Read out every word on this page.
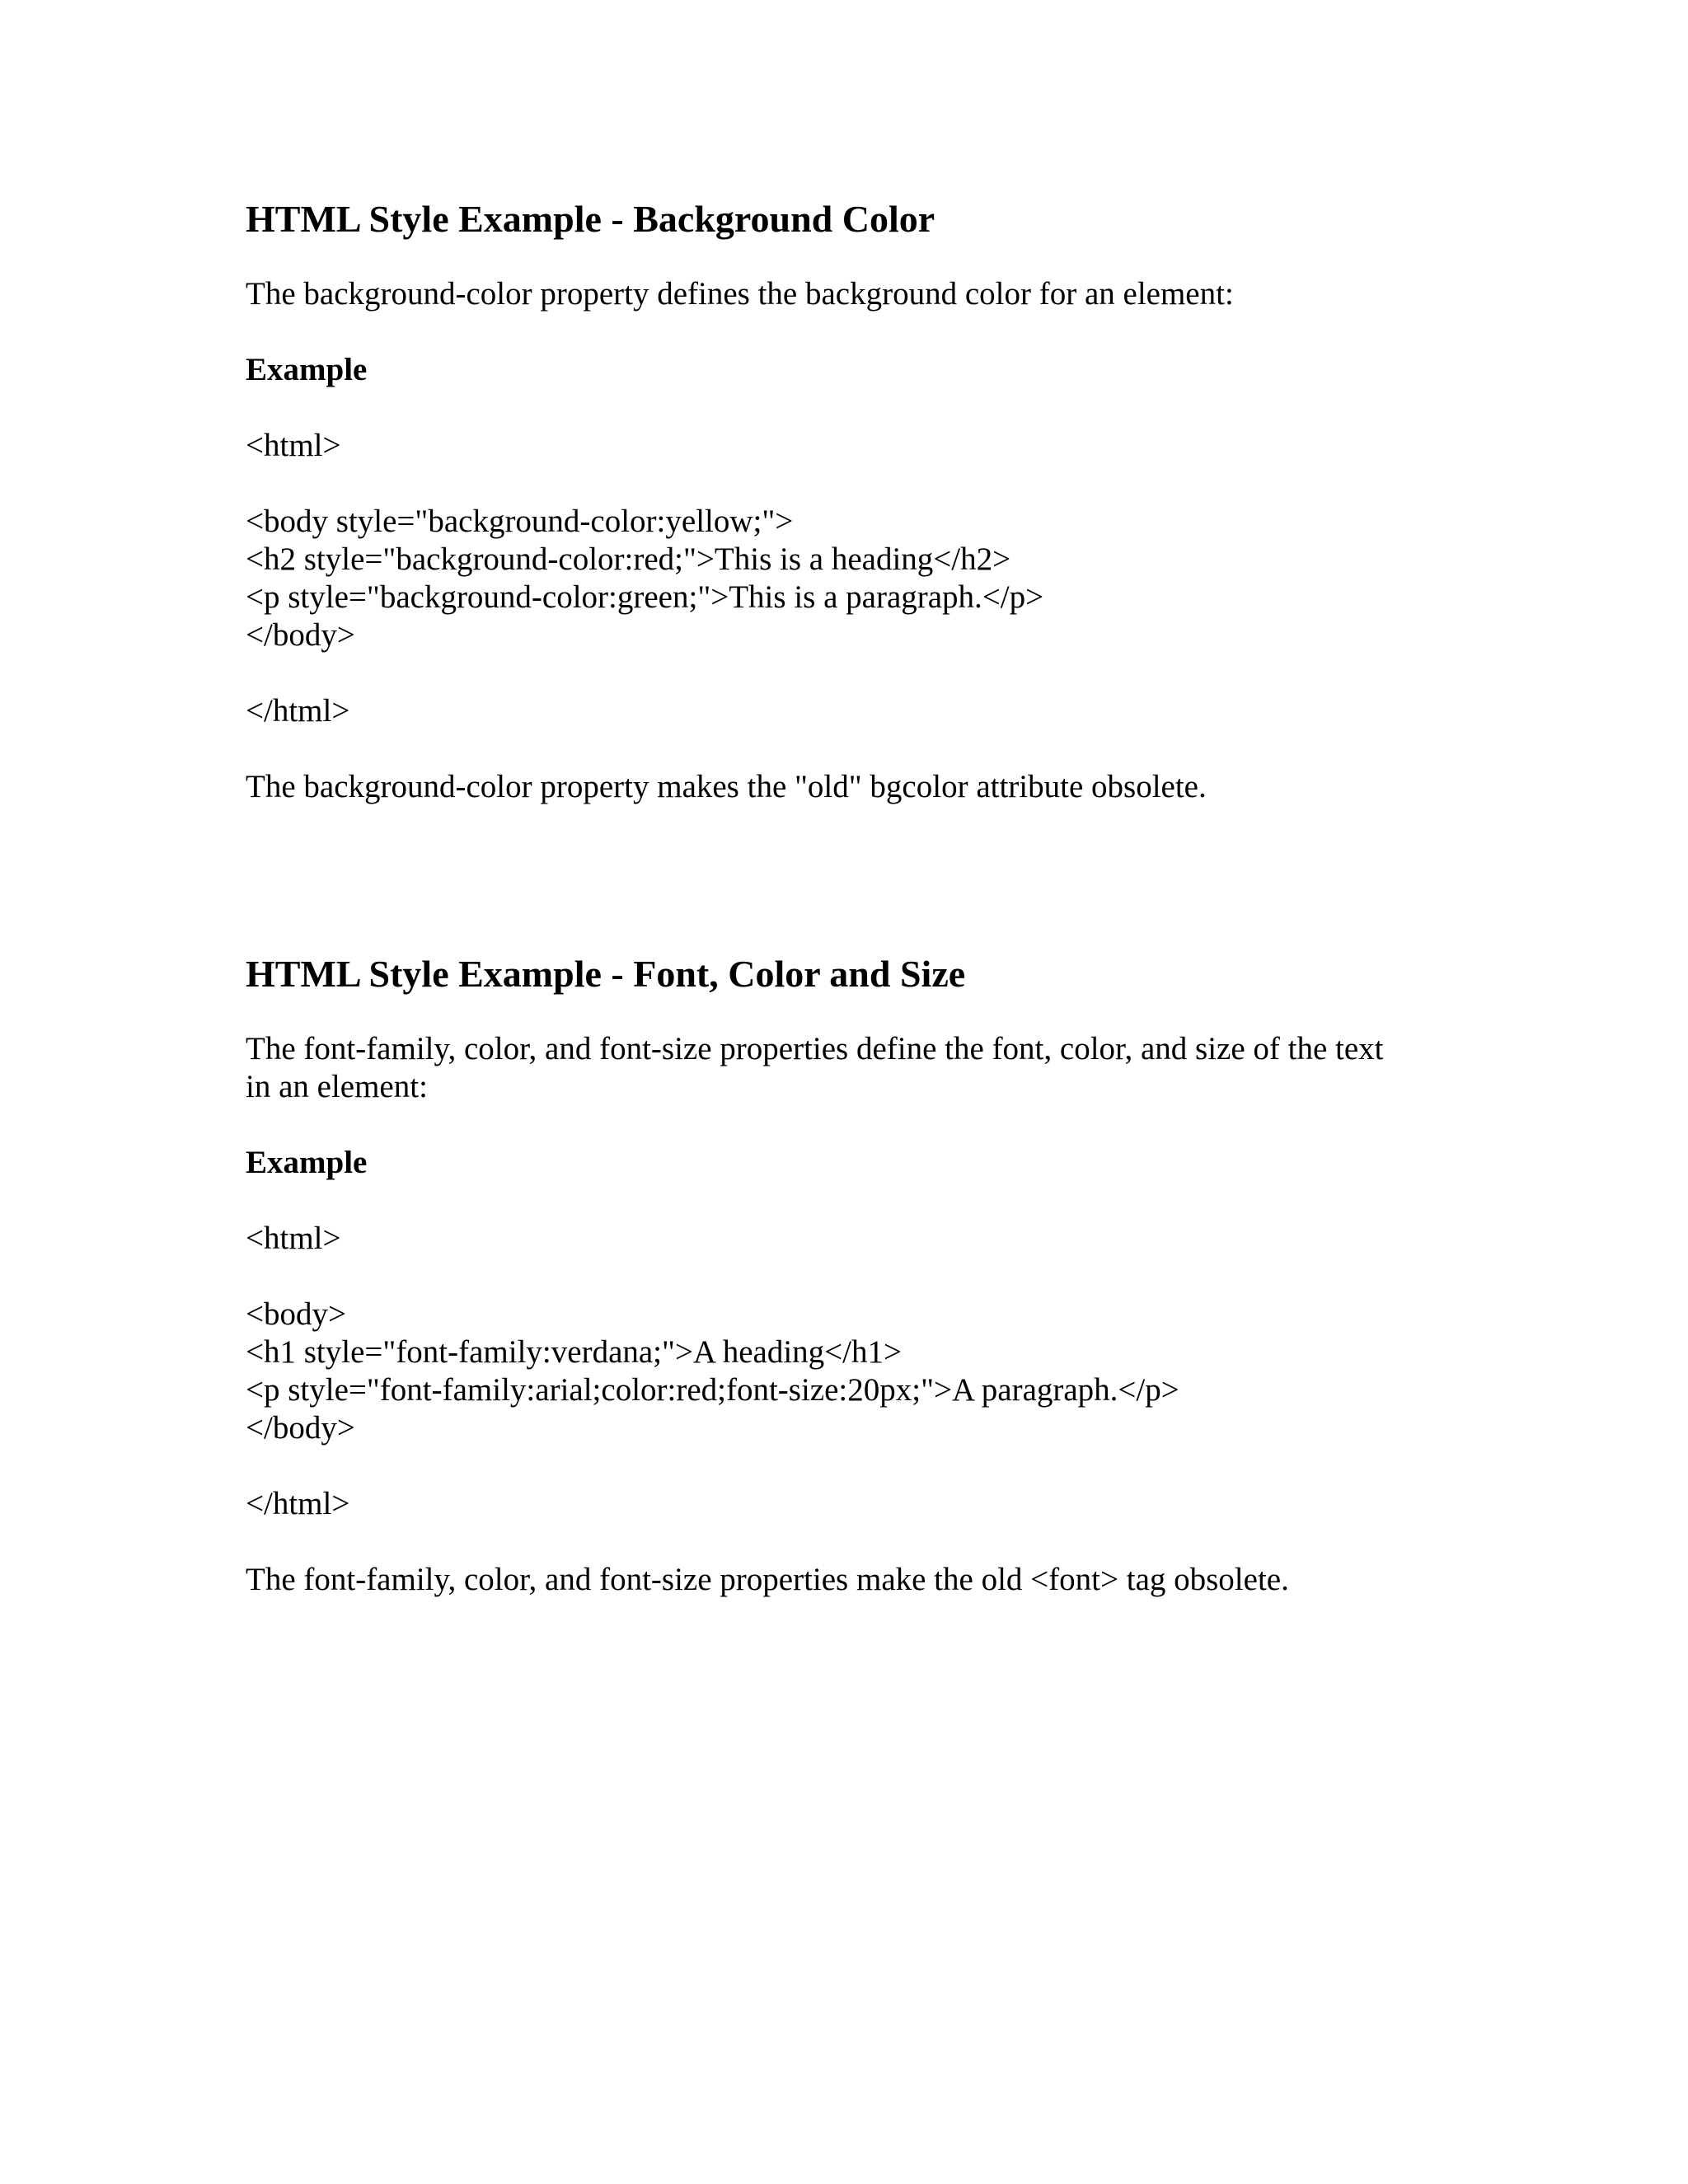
HTML Style Example - Background Color

The background-color property defines the background color for an element:

Example

<html>

<body style="background-color:yellow;">
<h2 style="background-color:red;">This is a heading</h2>
<p style="background-color:green;">This is a paragraph.</p>
</body>

</html>

The background-color property makes the "old" bgcolor attribute obsolete.

HTML Style Example - Font, Color and Size
The font-family, color, and font-size properties define the font, color, and size of the text
in an element:

Example

<html>

<body>
<h1 style="font-family:verdana;">A heading</h1>
<p style="font-family:arial;color:red;font-size:20px;">A paragraph.</p>
</body>

</html>

The font-family, color, and font-size properties make the old <font> tag obsolete.
